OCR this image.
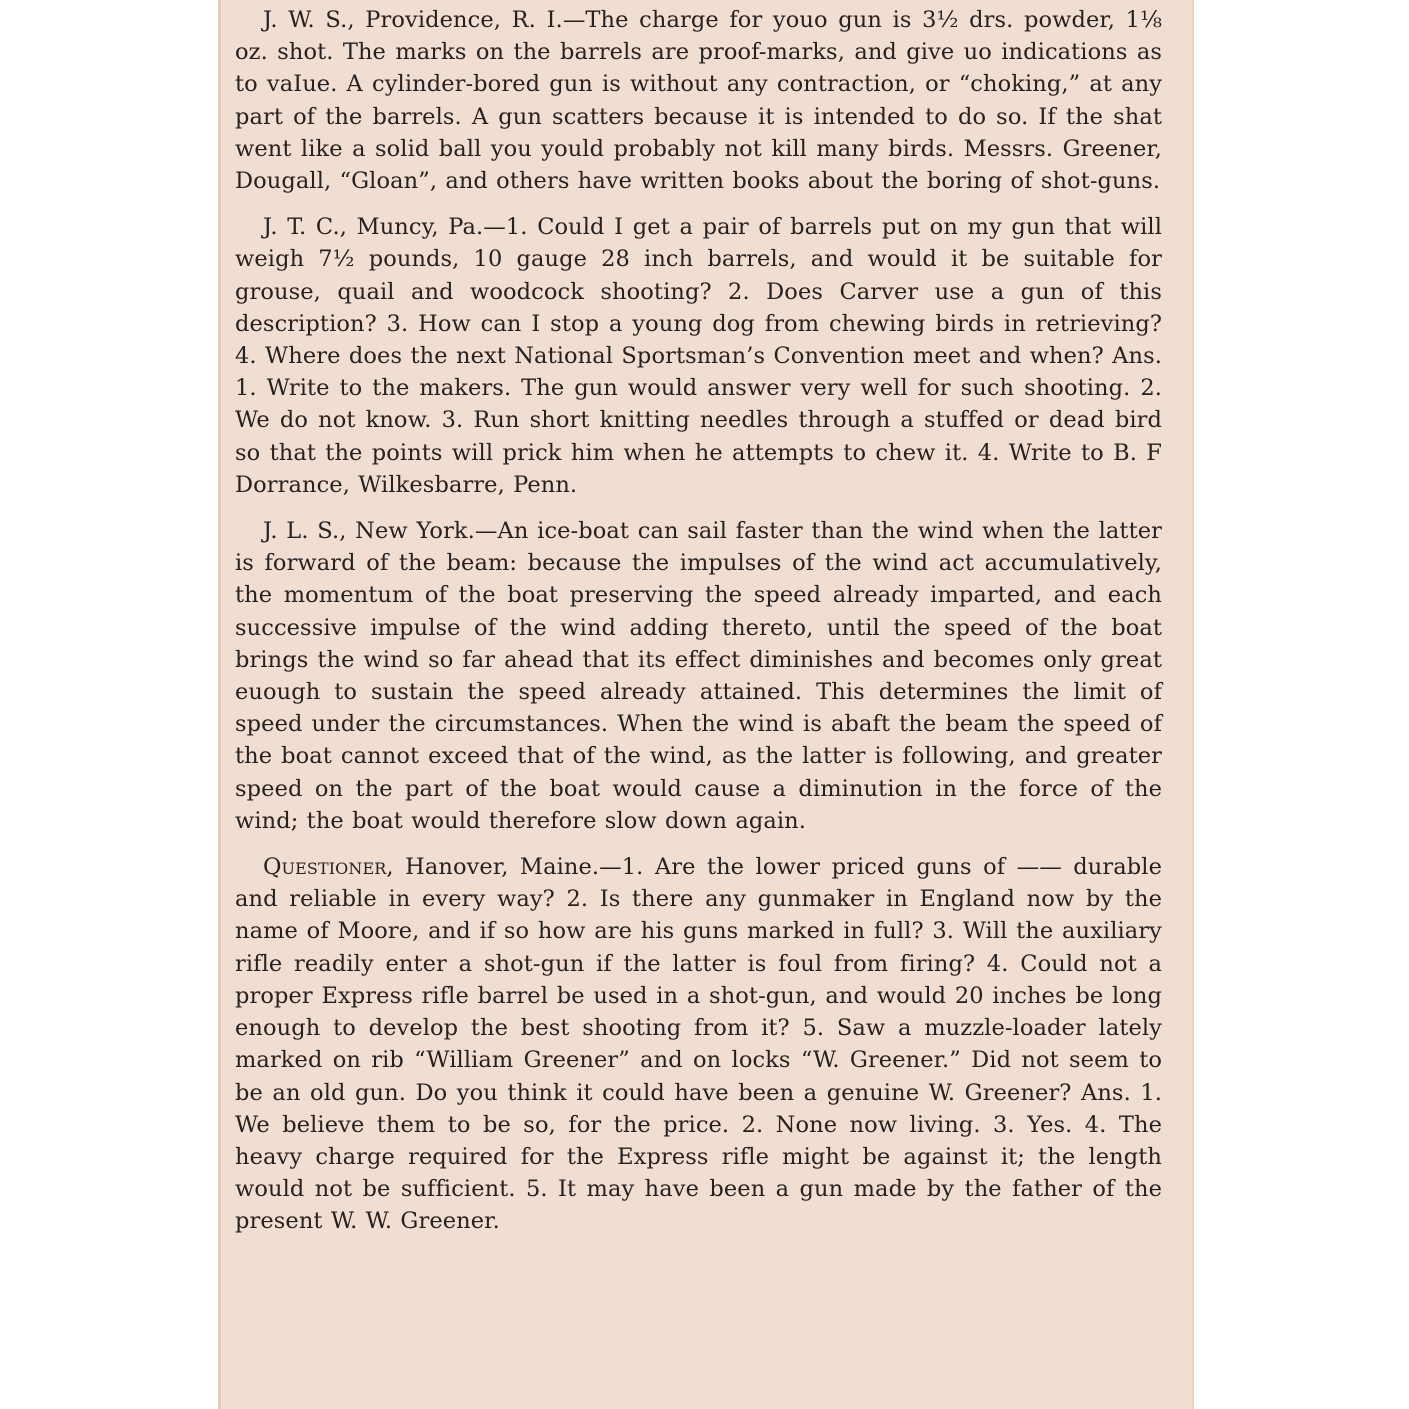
J. W. S., Providence, R. I.—The charge for youo gun is 3½ drs. powder, 1⅛ oz. shot. The marks on the barrels are proof-marks, and give uo indications as to vaIue. A cylinder-bored gun is without any contraction, or “choking,” at any part of the barrels. A gun scatters because it is intended to do so. If the shat went like a solid ball you yould probably not kill many birds. Messrs. Greener, Dougall, “Gloan”, and others have written books about the boring of shot-guns.

J. T. C., Muncy, Pa.—1. Could I get a pair of barrels put on my gun that will weigh 7½ pounds, 10 gauge 28 inch barrels, and would it be suitable for grouse, quail and woodcock shooting? 2. Does Carver use a gun of this description? 3. How can I stop a young dog from chewing birds in retrieving? 4. Where does the next National Sportsman’s Convention meet and when? Ans. 1. Write to the makers. The gun would answer very well for such shooting. 2. We do not know. 3. Run short knitting needles through a stuffed or dead bird so that the points will prick him when he attempts to chew it. 4. Write to B. F Dorrance, Wilkesbarre, Penn.

J. L. S., New York.—An ice-boat can sail faster than the wind when the latter is forward of the beam: because the impulses of the wind act accumulatively, the momentum of the boat preserving the speed already imparted, and each successive impulse of the wind adding thereto, until the speed of the boat brings the wind so far ahead that its effect diminishes and becomes only great euough to sustain the speed already attained. This determines the limit of speed under the circumstances. When the wind is abaft the beam the speed of the boat cannot exceed that of the wind, as the latter is following, and greater speed on the part of the boat would cause a diminution in the force of the wind; the boat would therefore slow down again.

Questioner, Hanover, Maine.—1. Are the lower priced guns of —— durable and reliable in every way? 2. Is there any gunmaker in England now by the name of Moore, and if so how are his guns marked in full? 3. Will the auxiliary rifle readily enter a shot-gun if the latter is foul from firing? 4. Could not a proper Express rifle barrel be used in a shot-gun, and would 20 inches be long enough to develop the best shooting from it? 5. Saw a muzzle-loader lately marked on rib “William Greener” and on locks “W. Greener.” Did not seem to be an old gun. Do you think it could have been a genuine W. Greener? Ans. 1. We believe them to be so, for the price. 2. None now living. 3. Yes. 4. The heavy charge required for the Express rifle might be against it; the length would not be sufficient. 5. It may have been a gun made by the father of the present W. W. Greener.
